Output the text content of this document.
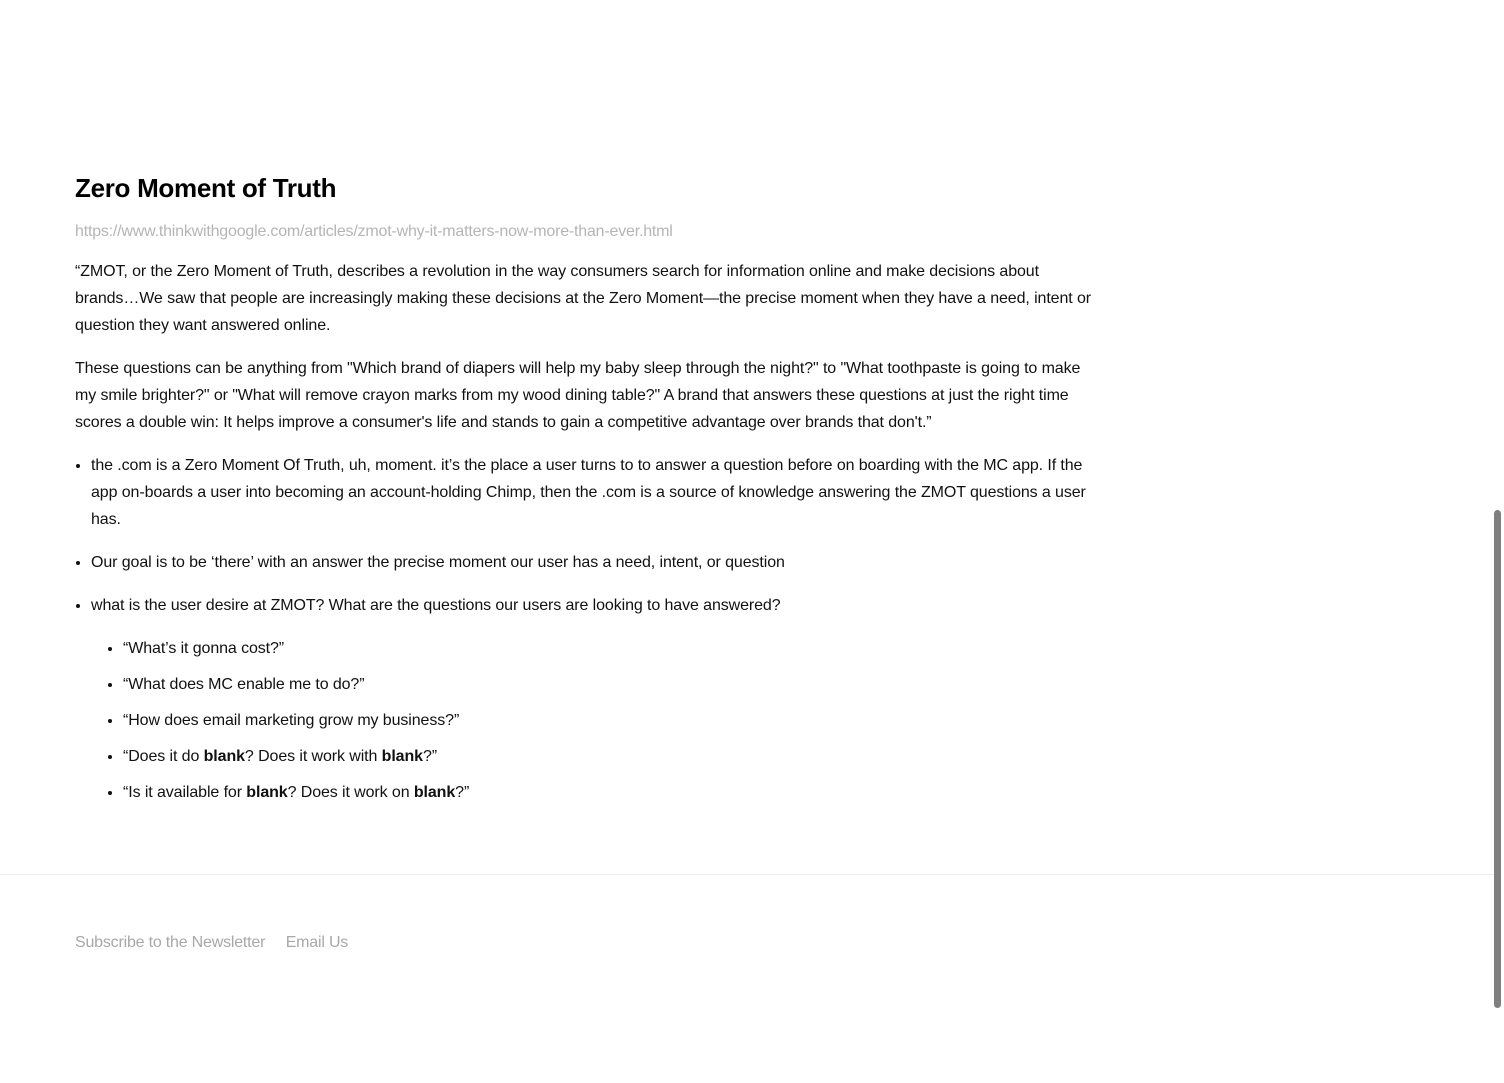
Zero Moment of Truth
https://www.thinkwithgoogle.com/articles/zmot-why-it-matters-now-more-than-ever.html

“ZMOT, or the Zero Moment of Truth, describes a revolution in the way consumers search for information online and make decisions about brands…We saw that people are increasingly making these decisions at the Zero Moment—the precise moment when they have a need, intent or question they want answered online.

These questions can be anything from "Which brand of diapers will help my baby sleep through the night?" to "What toothpaste is going to make my smile brighter?" or "What will remove crayon marks from my wood dining table?" A brand that answers these questions at just the right time scores a double win: It helps improve a consumer's life and stands to gain a competitive advantage over brands that don't.”

• the .com is a Zero Moment Of Truth, uh, moment. it’s the place a user turns to to answer a question before on boarding with the MC app. If the app on-boards a user into becoming an account-holding Chimp, then the .com is a source of knowledge answering the ZMOT questions a user has.
• Our goal is to be ‘there’ with an answer the precise moment our user has a need, intent, or question
• what is the user desire at ZMOT? What are the questions our users are looking to have answered?
• “What’s it gonna cost?”
• “What does MC enable me to do?”
• “How does email marketing grow my business?”
• “Does it do blank? Does it work with blank?”
• “Is it available for blank? Does it work on blank?”
Subscribe to the Newsletter Email Us
